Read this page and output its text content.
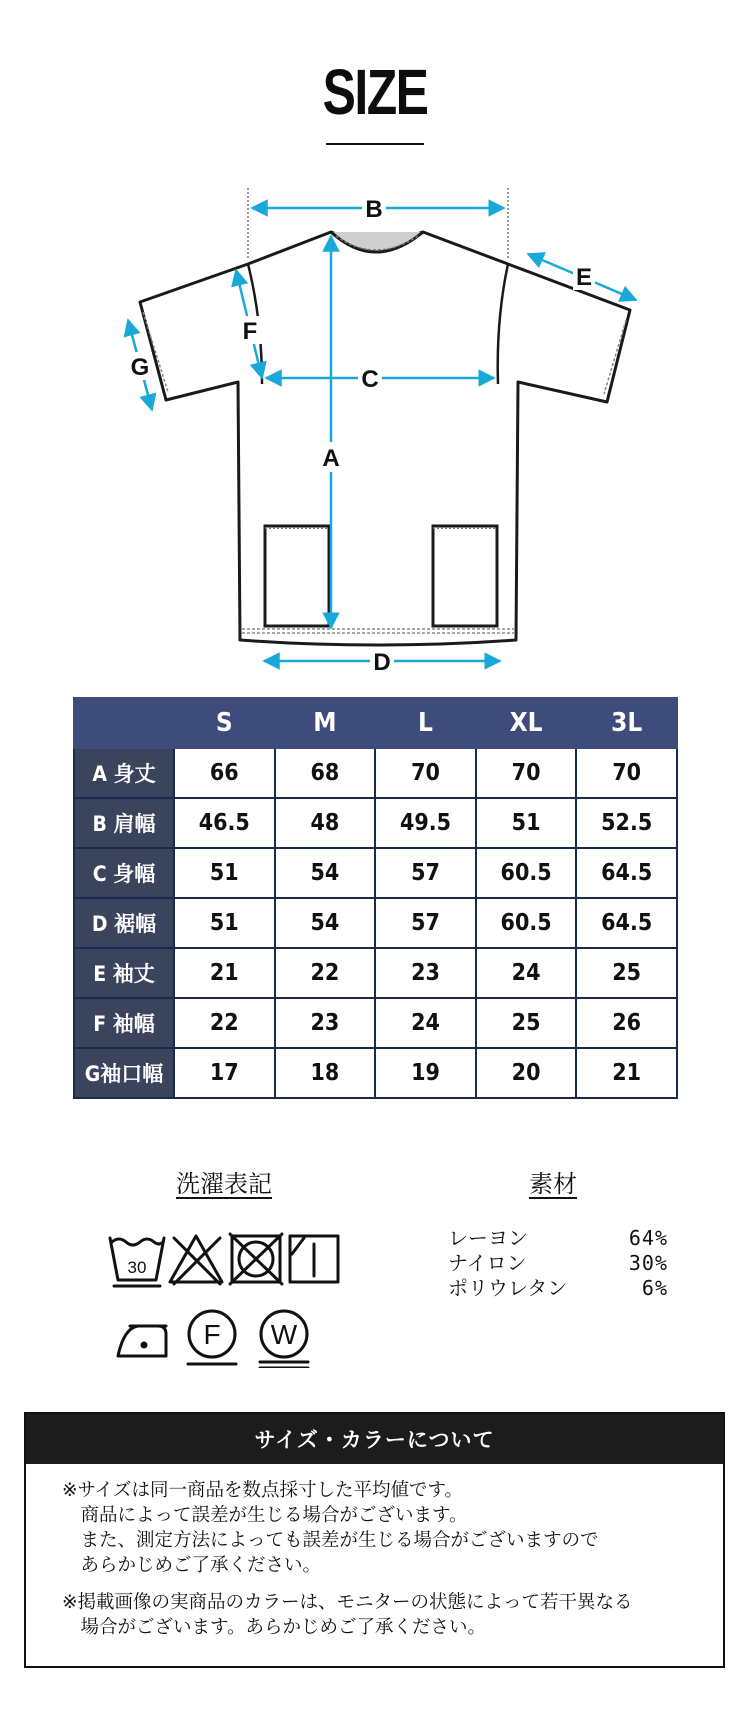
SIZE
B
A
C
D
E
F
G
	S	M	L	XL	3L
A 身丈	66	68	70	70	70
B 肩幅	46.5	48	49.5	51	52.5
C 身幅	51	54	57	60.5	64.5
D 裾幅	51	54	57	60.5	64.5
E 袖丈	21	22	23	24	25
F 袖幅	22	23	24	25	26
G袖口幅	17	18	19	20	21
洗濯表記	素材
30
F W
レーヨン	64%
ナイロン	30%
ポリウレタン	6%
サイズ・カラーについて

※サイズは同一商品を数点採寸した平均値です。
　商品によって誤差が生じる場合がございます。
　また、測定方法によっても誤差が生じる場合がございますので
　あらかじめご了承ください。

※掲載画像の実商品のカラーは、モニターの状態によって若干異なる
　場合がございます。あらかじめご了承ください。
